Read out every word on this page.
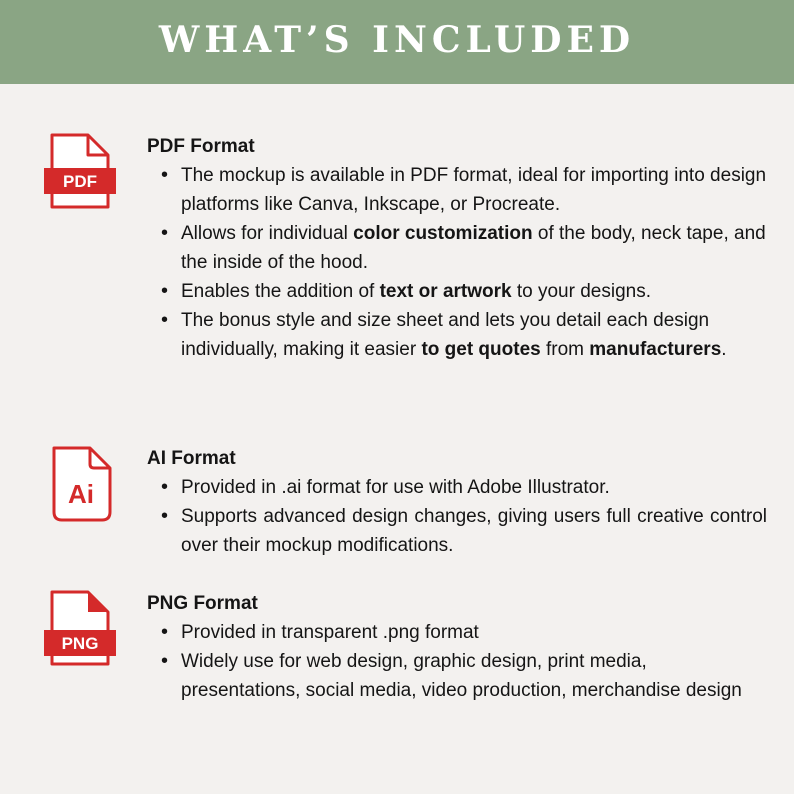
WHAT’S INCLUDED
PDF
PDF Format
• The mockup is available in PDF format, ideal for importing into design platforms like Canva, Inkscape, or Procreate.
• Allows for individual color customization of the body, neck tape, and the inside of the hood.
• Enables the addition of text or artwork to your designs.
• The bonus style and size sheet and lets you detail each design individually, making it easier to get quotes from manufacturers.
Ai
AI Format
• Provided in .ai format for use with Adobe Illustrator.
• Supports advanced design changes, giving users full creative control over their mockup modifications.
PNG
PNG Format
• Provided in transparent .png format
• Widely use for web design, graphic design, print media, presentations, social media, video production, merchandise design
